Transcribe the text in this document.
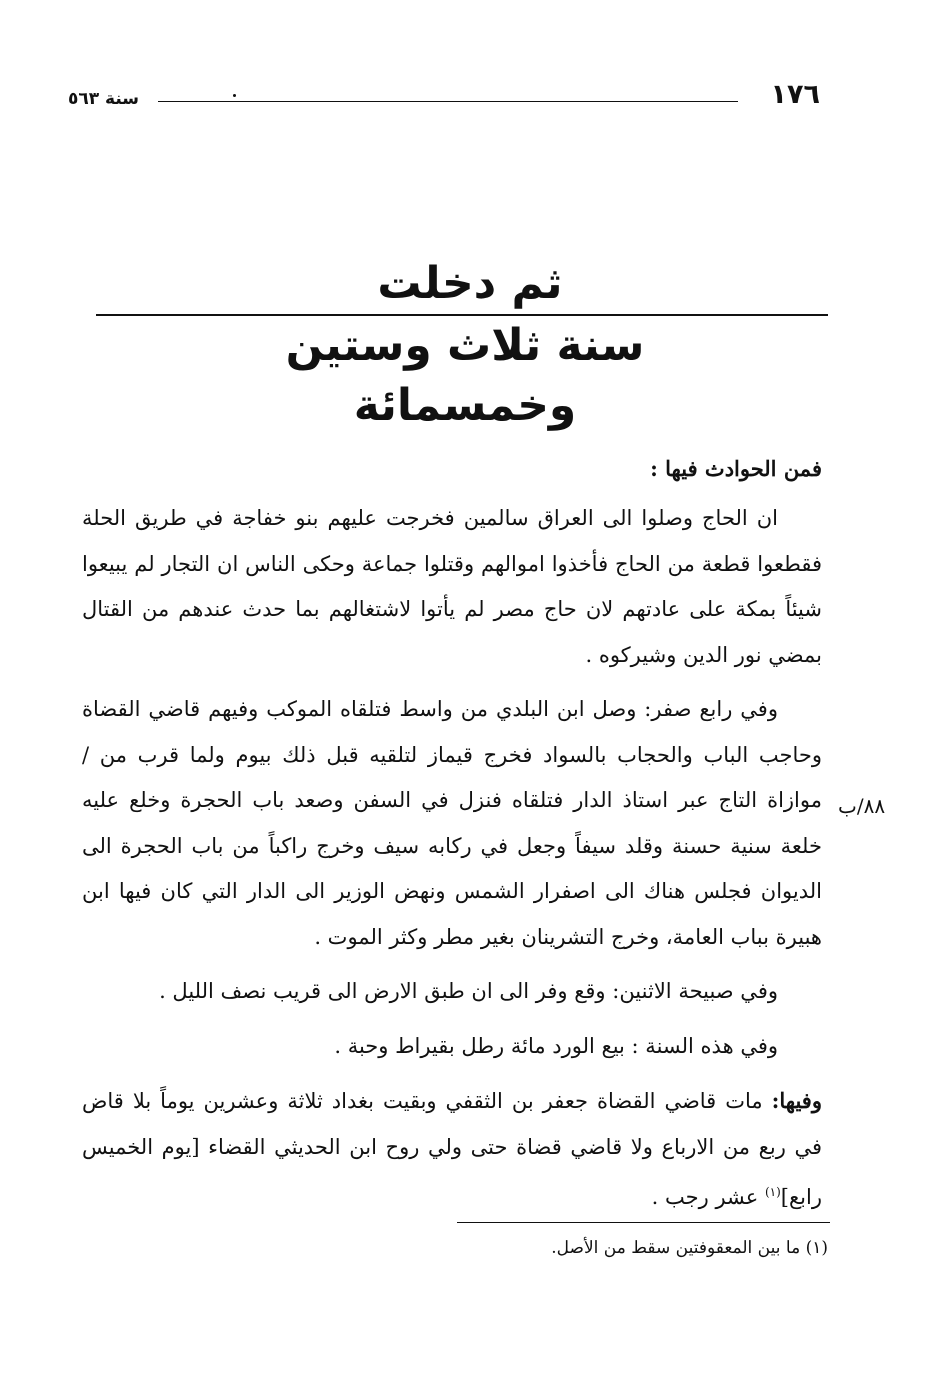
١٧٦
سنة ٥٦٣
ثم دخلت
سنة ثلاث وستين وخمسمائة
فمن الحوادث فيها :

ان الحاج وصلوا الى العراق سالمين فخرجت عليهم بنو خفاجة في طريق الحلة فقطعوا قطعة من الحاج فأخذوا اموالهم وقتلوا جماعة وحكى الناس ان التجار لم يبيعوا شيئاً بمكة على عادتهم لان حاج مصر لم يأتوا لاشتغالهم بما حدث عندهم من القتال بمضي نور الدين وشيركوه .

وفي رابع صفر: وصل ابن البلدي من واسط فتلقاه الموكب وفيهم قاضي القضاة وحاجب الباب والحجاب بالسواد فخرج قيماز لتلقيه قبل ذلك بيوم ولما قرب من / موازاة التاج عبر استاذ الدار فتلقاه فنزل في السفن وصعد باب الحجرة وخلع عليه خلعة سنية حسنة وقلد سيفاً وجعل في ركابه سيف وخرج راكباً من باب الحجرة الى الديوان فجلس هناك الى اصفرار الشمس ونهض الوزير الى الدار التي كان فيها ابن هبيرة بباب العامة، وخرج التشرينان بغير مطر وكثر الموت .

وفي صبيحة الاثنين: وقع وفر الى ان طبق الارض الى قريب نصف الليل .

وفي هذه السنة : بيع الورد مائة رطل بقيراط وحبة .

وفيها: مات قاضي القضاة جعفر بن الثقفي وبقيت بغداد ثلاثة وعشرين يوماً بلا قاض في ربع من الارباع ولا قاضي قضاة حتى ولي روح ابن الحديثي القضاء [يوم الخميس رابع]$^{(١)}$ عشر رجب .

٨٨/ب
(١) ما بين المعقوفتين سقط من الأصل.
